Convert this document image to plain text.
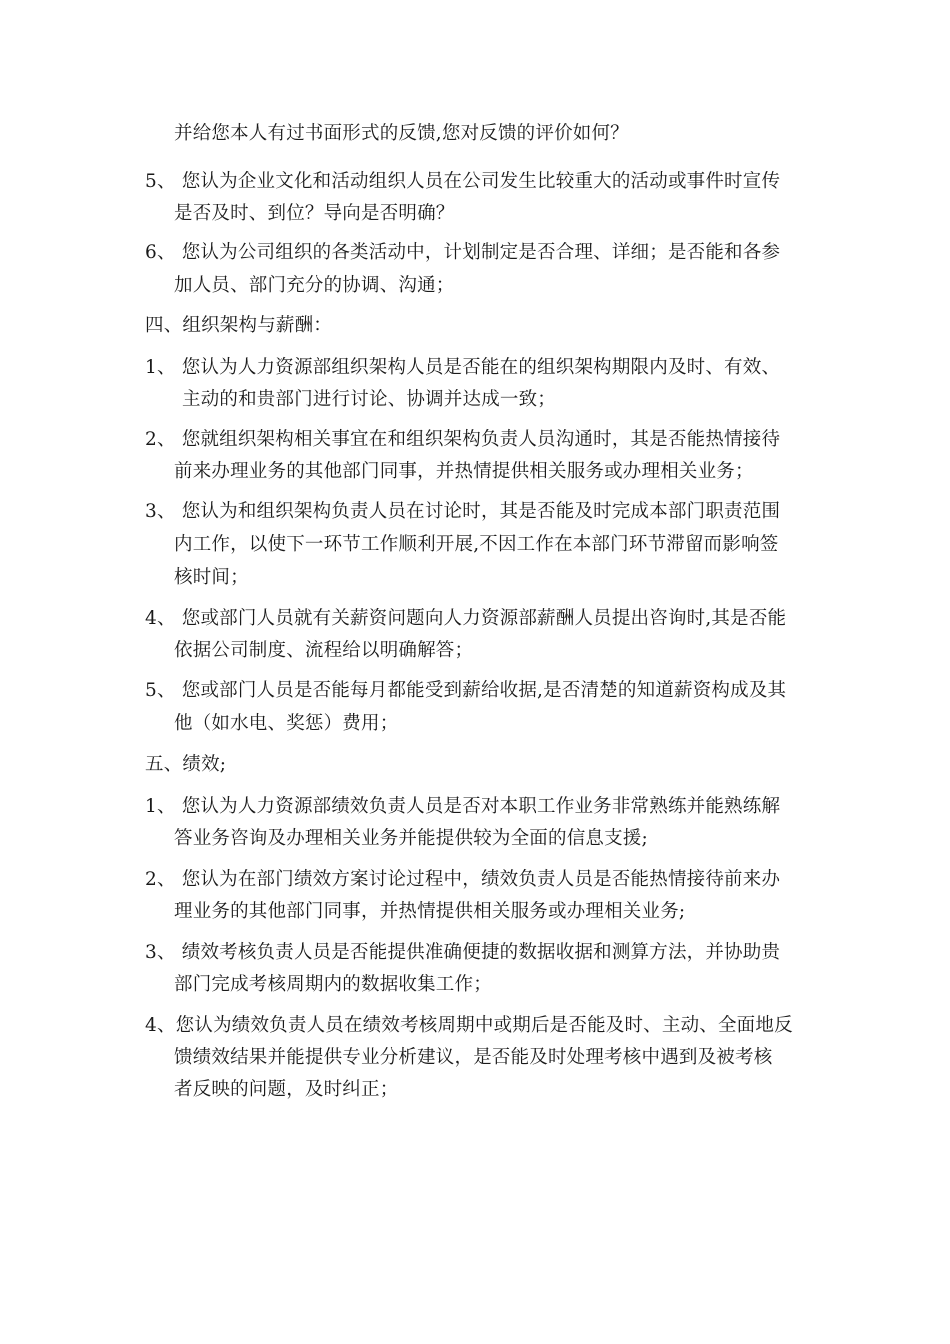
并给您本人有过书面形式的反馈,您对反馈的评价如何？
5、 您认为企业文化和活动组织人员在公司发生比较重大的活动或事件时宣传
是否及时、到位？导向是否明确？
6、 您认为公司组织的各类活动中，计划制定是否合理、详细；是否能和各参
加人员、部门充分的协调、沟通；
四、组织架构与薪酬：
1、 您认为人力资源部组织架构人员是否能在的组织架构期限内及时、有效、
主动的和贵部门进行讨论、协调并达成一致；
2、 您就组织架构相关事宜在和组织架构负责人员沟通时，其是否能热情接待
前来办理业务的其他部门同事，并热情提供相关服务或办理相关业务；
3、 您认为和组织架构负责人员在讨论时，其是否能及时完成本部门职责范围
内工作，以使下一环节工作顺利开展,不因工作在本部门环节滞留而影响签
核时间；
4、 您或部门人员就有关薪资问题向人力资源部薪酬人员提出咨询时,其是否能
依据公司制度、流程给以明确解答；
5、 您或部门人员是否能每月都能受到薪给收据,是否清楚的知道薪资构成及其
他（如水电、奖惩）费用；
五、绩效;
1、 您认为人力资源部绩效负责人员是否对本职工作业务非常熟练并能熟练解
答业务咨询及办理相关业务并能提供较为全面的信息支援;
2、 您认为在部门绩效方案讨论过程中，绩效负责人员是否能热情接待前来办
理业务的其他部门同事，并热情提供相关服务或办理相关业务;
3、 绩效考核负责人员是否能提供准确便捷的数据收据和测算方法，并协助贵
部门完成考核周期内的数据收集工作；
4、您认为绩效负责人员在绩效考核周期中或期后是否能及时、主动、全面地反
馈绩效结果并能提供专业分析建议，是否能及时处理考核中遇到及被考核
者反映的问题，及时纠正；
